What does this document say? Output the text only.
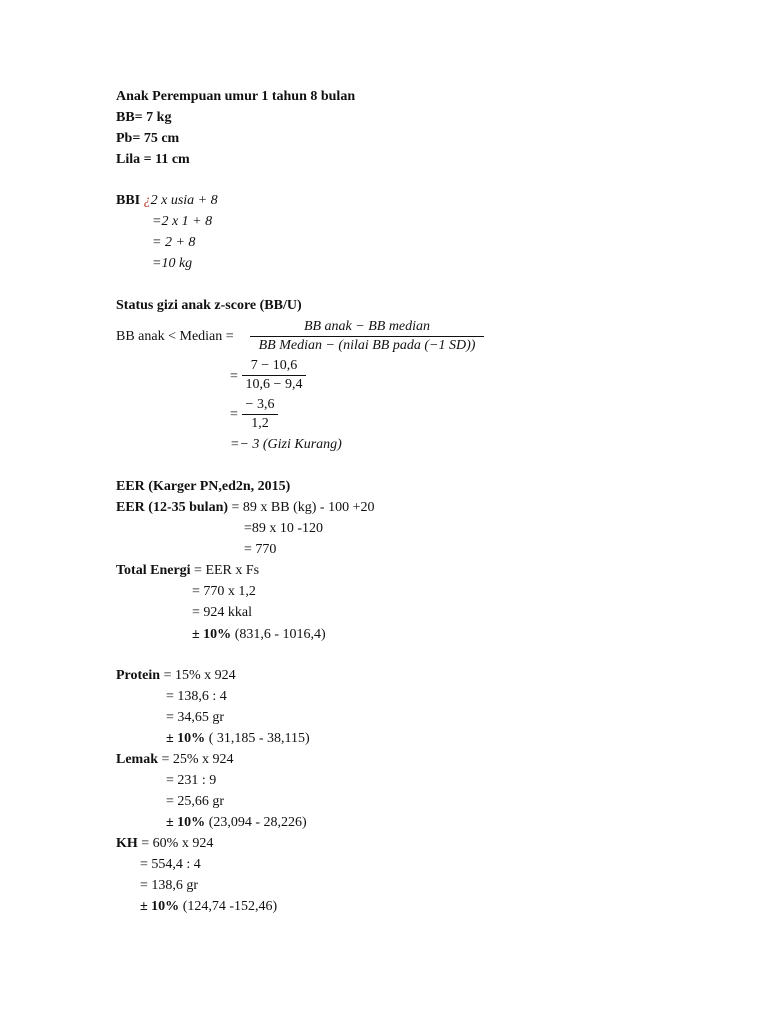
Anak Perempuan umur 1 tahun 8 bulan
BB= 7 kg
Pb= 75 cm
Lila = 11 cm
BBI ¿2 x usia + 8
=2 x 1 + 8
= 2 + 8
=10 kg
Status gizi anak z-score (BB/U)
BB anak < Median =
BB anak − BB median
BB Median − (nilai BB pada (−1 SD))
=
7 − 10,6
10,6 − 9,4
=
− 3,6
1,2
=− 3 (Gizi Kurang)
EER (Karger PN,ed2n, 2015)
EER (12-35 bulan) = 89 x BB (kg) - 100 +20
=89 x 10 -120
= 770
Total Energi = EER x Fs
= 770 x 1,2
= 924 kkal
± 10% (831,6 - 1016,4)
Protein = 15% x 924
= 138,6 : 4
= 34,65 gr
± 10% ( 31,185 - 38,115)
Lemak = 25% x 924
= 231 : 9
= 25,66 gr
± 10% (23,094 - 28,226)
KH = 60% x 924
= 554,4 : 4
= 138,6 gr
± 10% (124,74 -152,46)
